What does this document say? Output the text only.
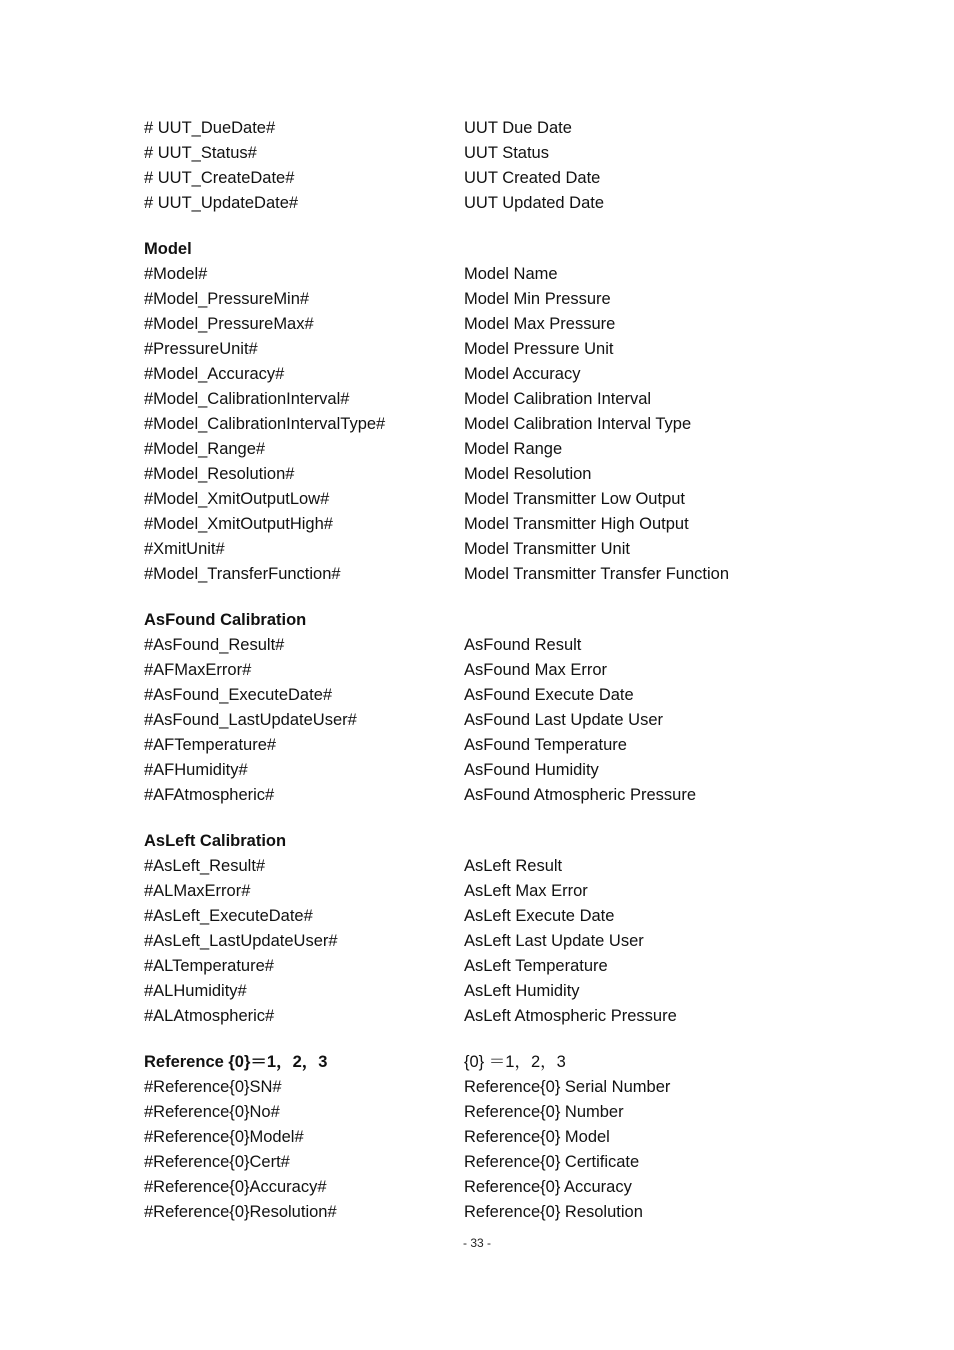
# UUT_DueDate#	UUT Due Date
# UUT_Status#	UUT Status
# UUT_CreateDate#	UUT Created Date
# UUT_UpdateDate#	UUT Updated Date
Model
#Model#	Model Name
#Model_PressureMin#	Model Min Pressure
#Model_PressureMax#	Model Max Pressure
#PressureUnit#	Model Pressure Unit
#Model_Accuracy#	Model Accuracy
#Model_CalibrationInterval#	Model Calibration Interval
#Model_CalibrationIntervalType#	Model Calibration Interval Type
#Model_Range#	Model Range
#Model_Resolution#	Model Resolution
#Model_XmitOutputLow#	Model Transmitter Low Output
#Model_XmitOutputHigh#	Model Transmitter High Output
#XmitUnit#	Model Transmitter Unit
#Model_TransferFunction#	Model Transmitter Transfer Function
AsFound Calibration
#AsFound_Result#	AsFound Result
#AFMaxError#	AsFound Max Error
#AsFound_ExecuteDate#	AsFound Execute Date
#AsFound_LastUpdateUser#	AsFound Last Update User
#AFTemperature#	AsFound Temperature
#AFHumidity#	AsFound Humidity
#AFAtmospheric#	AsFound Atmospheric Pressure
AsLeft Calibration
#AsLeft_Result#	AsLeft Result
#ALMaxError#	AsLeft Max Error
#AsLeft_ExecuteDate#	AsLeft Execute Date
#AsLeft_LastUpdateUser#	AsLeft Last Update User
#ALTemperature#	AsLeft Temperature
#ALHumidity#	AsLeft Humidity
#ALAtmospheric#	AsLeft Atmospheric Pressure
Reference {0}＝1，2，3	{0} ＝1，2，3
#Reference{0}SN#	Reference{0} Serial Number
#Reference{0}No#	Reference{0} Number
#Reference{0}Model#	Reference{0} Model
#Reference{0}Cert#	Reference{0} Certificate
#Reference{0}Accuracy#	Reference{0} Accuracy
#Reference{0}Resolution#	Reference{0} Resolution
- 33 -
